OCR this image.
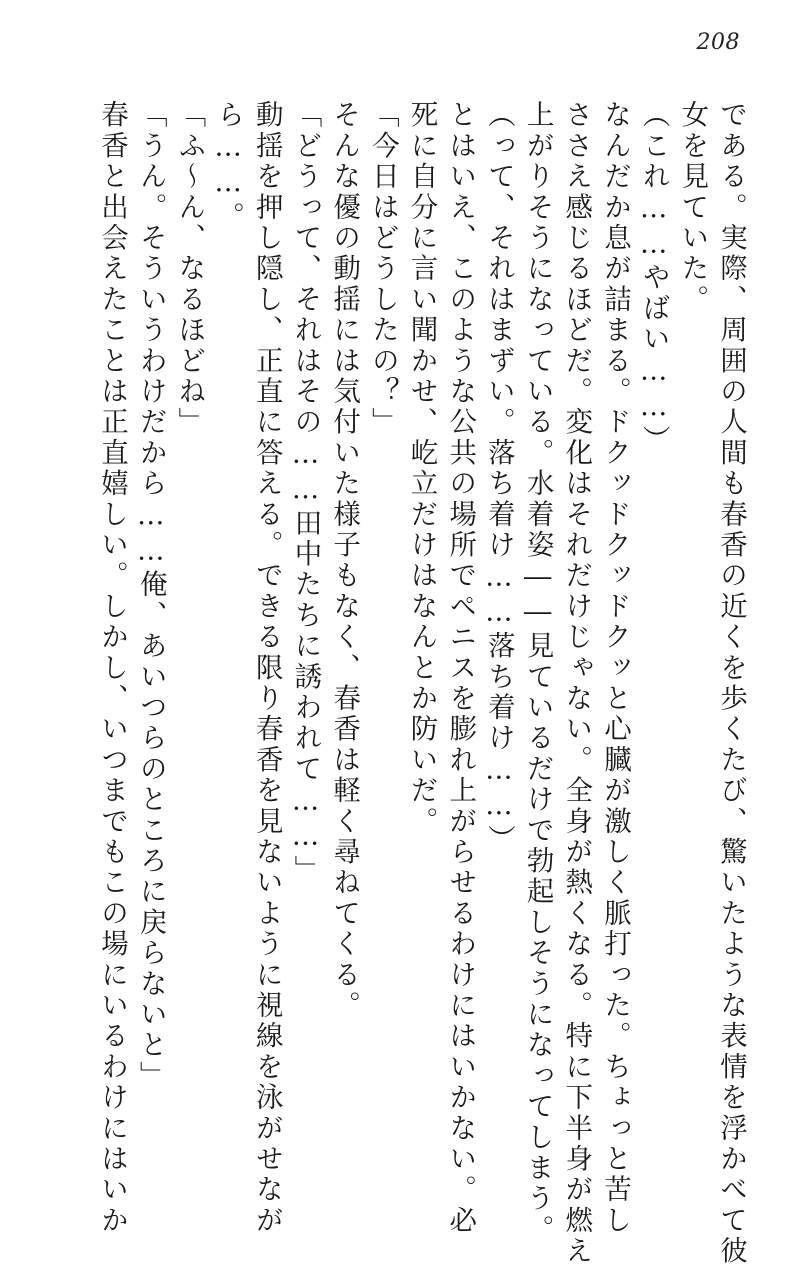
208
である。実際、周囲の人間も春香の近くを歩くたび、驚いたような表情を浮かべて彼
女を見ていた。
（これ……やばい……）
なんだか息が詰まる。ドクッドクッドクッと心臓が激しく脈打った。ちょっと苦し
ささえ感じるほどだ。変化はそれだけじゃない。全身が熱くなる。特に下半身が燃え
上がりそうになっている。水着姿――見ているだけで勃起しそうになってしまう。
（って、それはまずい。落ち着け……落ち着け……）
とはいえ、このような公共の場所でペニスを膨れ上がらせるわけにはいかない。必
死に自分に言い聞かせ、屹立だけはなんとか防いだ。
「今日はどうしたの？」
そんな優の動揺には気付いた様子もなく、春香は軽く尋ねてくる。
「どうって、それはその……田中たちに誘われて……」
動揺を押し隠し、正直に答える。できる限り春香を見ないように視線を泳がせなが
ら……。
「ふ～ん、なるほどね」
「うん。そういうわけだから……俺、あいつらのところに戻らないと」
春香と出会えたことは正直嬉しい。しかし、いつまでもこの場にいるわけにはいか
